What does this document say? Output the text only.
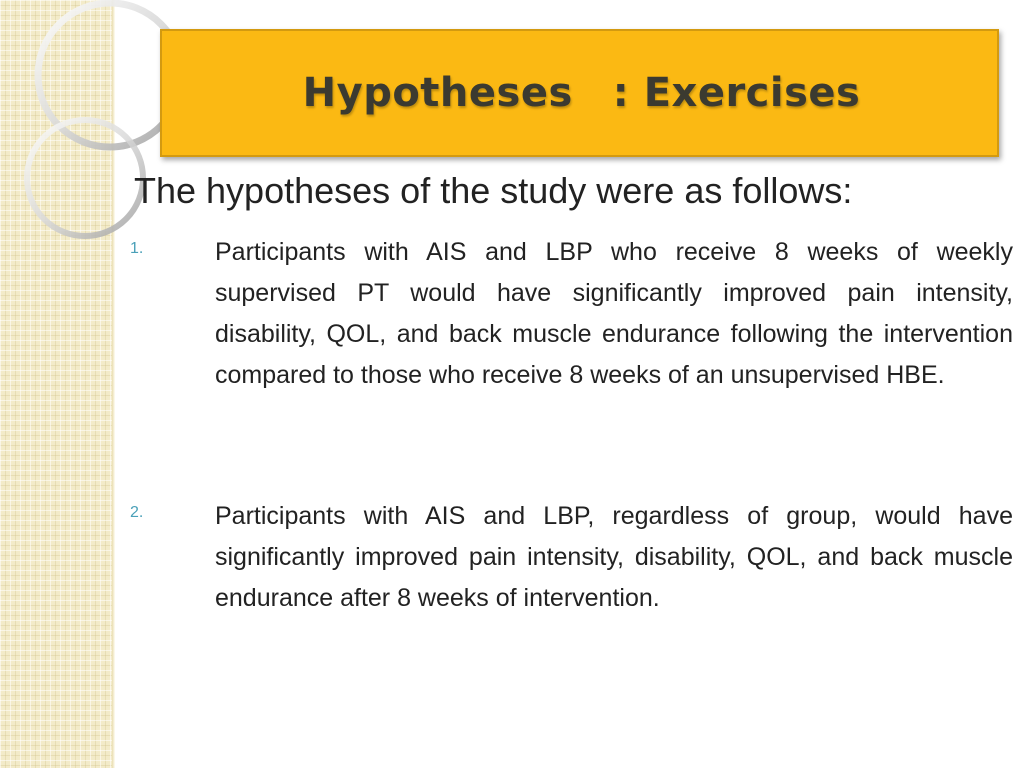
Hypotheses : Exercises
The hypotheses of the study were as follows:
1.	Participants with AIS and LBP who receive 8 weeks of weekly supervised PT would have significantly improved pain intensity, disability, QOL, and back muscle endurance following the intervention compared to those who receive 8 weeks of an unsupervised HBE.
2.	Participants with AIS and LBP, regardless of group, would have significantly improved pain intensity, disability, QOL, and back muscle endurance after 8 weeks of intervention.
